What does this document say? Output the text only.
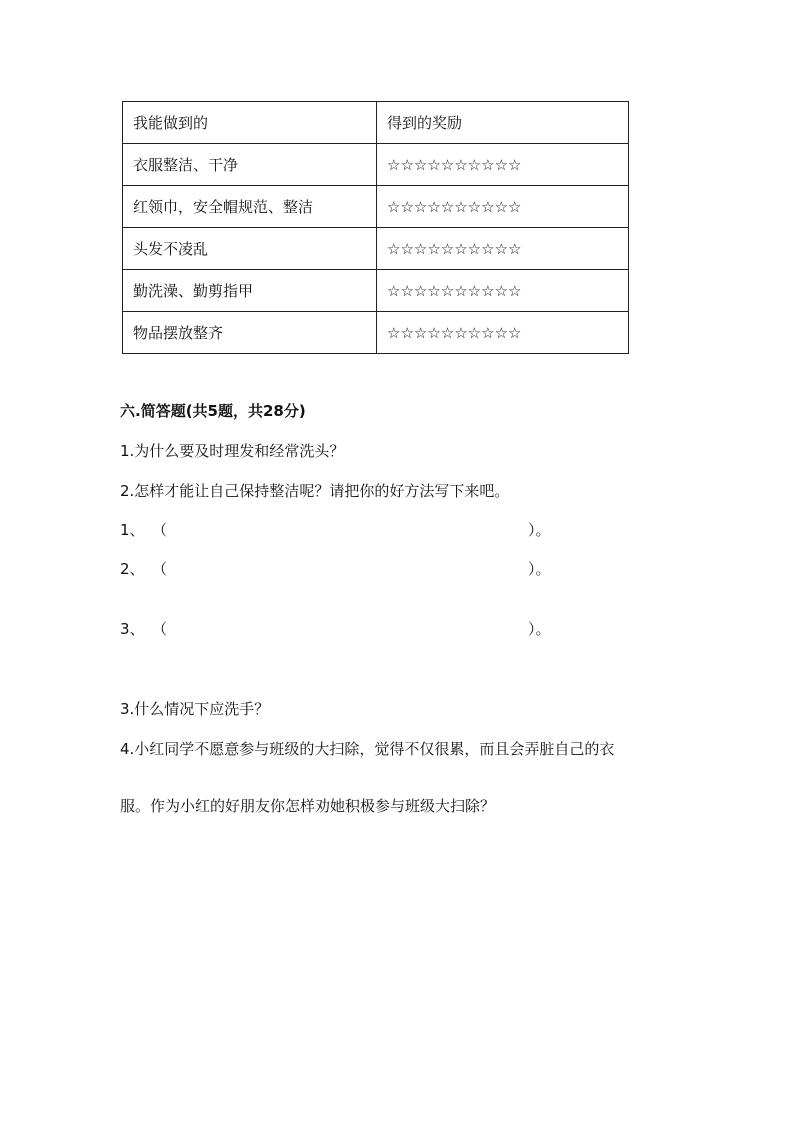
我能做到的	得到的奖励
衣服整洁、干净	☆☆☆☆☆☆☆☆☆☆
红领巾，安全帽规范、整洁	☆☆☆☆☆☆☆☆☆☆
头发不凌乱	☆☆☆☆☆☆☆☆☆☆
勤洗澡、勤剪指甲	☆☆☆☆☆☆☆☆☆☆
物品摆放整齐	☆☆☆☆☆☆☆☆☆☆
六.简答题(共5题，共28分)
1.为什么要及时理发和经常洗头？
2.怎样才能让自己保持整洁呢？请把你的好方法写下来吧。
1、 （	）。
2、 （	）。
3、 （	）。
3.什么情况下应洗手？
4.小红同学不愿意参与班级的大扫除，觉得不仅很累，而且会弄脏自己的衣
服。作为小红的好朋友你怎样劝她积极参与班级大扫除？
